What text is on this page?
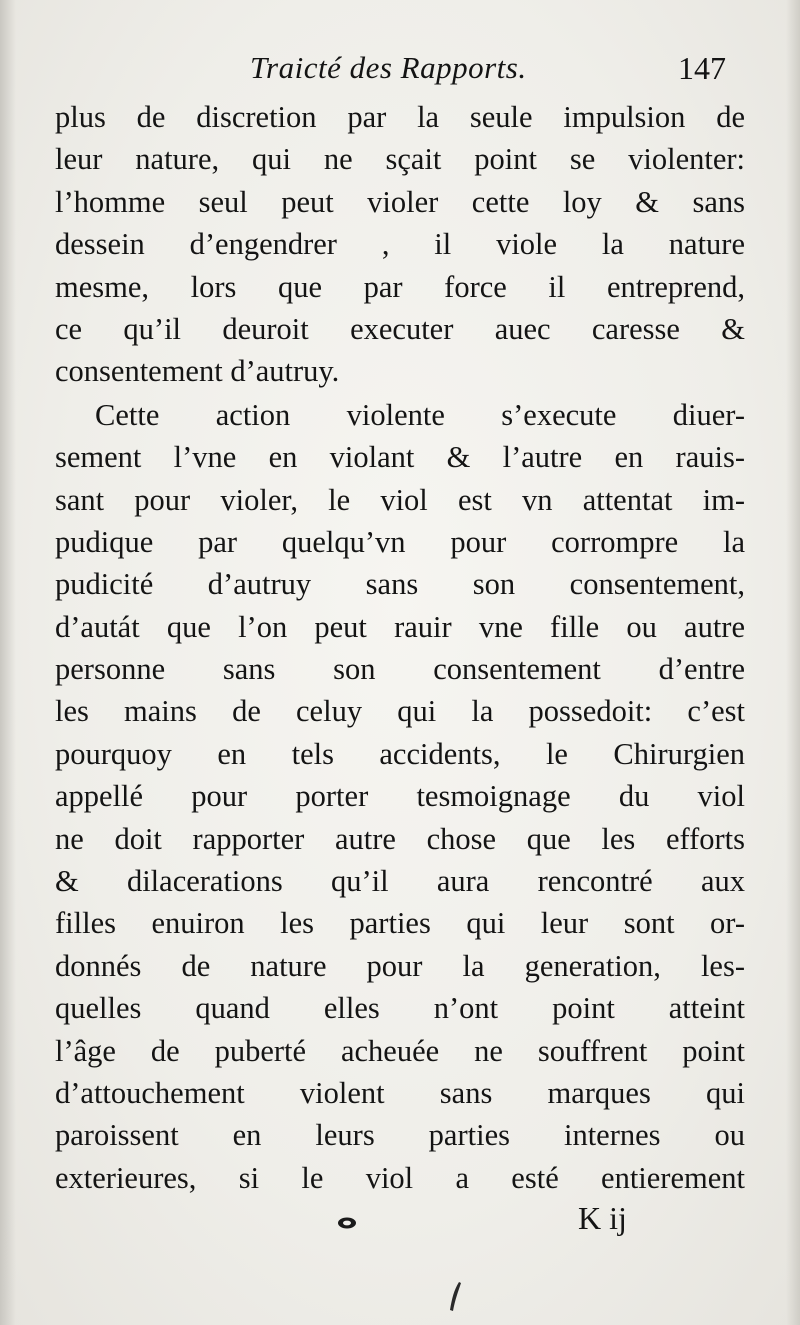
Traicté des Rapports.	147
plus de discretion par la seule impulsion de
leur nature, qui ne sçait point se violenter:
l’homme seul peut violer cette loy & sans
dessein d’engendrer , il viole la nature
mesme, lors que par force il entreprend,
ce qu’il deuroit executer auec caresse &
consentement d’autruy.
Cette action violente s’execute diuer-
sement l’vne en violant & l’autre en rauis-
sant pour violer, le viol est vn attentat im-
pudique par quelqu’vn pour corrompre la
pudicité d’autruy sans son consentement,
d’autát que l’on peut rauir vne fille ou autre
personne sans son consentement d’entre
les mains de celuy qui la possedoit: c’est
pourquoy en tels accidents, le Chirurgien
appellé pour porter tesmoignage du viol
ne doit rapporter autre chose que les efforts
& dilacerations qu’il aura rencontré aux
filles enuiron les parties qui leur sont or-
donnés de nature pour la generation, les-
quelles quand elles n’ont point atteint
l’âge de puberté acheuée ne souffrent point
d’attouchement violent sans marques qui
paroissent en leurs parties internes ou
exterieures, si le viol a esté entierement
K ij
